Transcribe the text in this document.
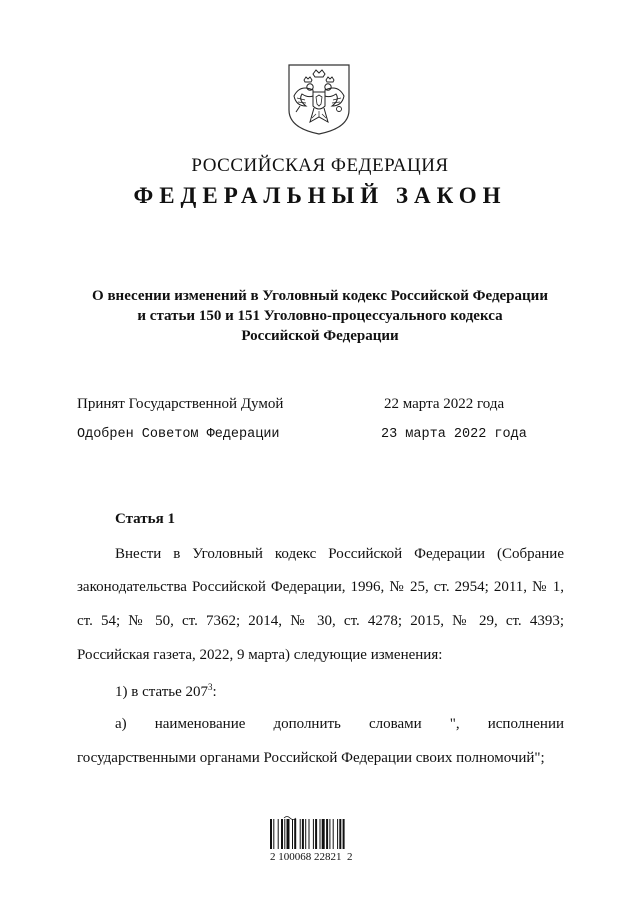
РОССИЙСКАЯ ФЕДЕРАЦИЯ
ФЕДЕРАЛЬНЫЙ ЗАКОН
О внесении изменений в Уголовный кодекс Российской Федерации
и статьи 150 и 151 Уголовно-процессуального кодекса
Российской Федерации
Принят Государственной Думой	22 марта 2022 года
Одобрен Советом Федерации	23 марта 2022 года
Статья 1
Внести в Уголовный кодекс Российской Федерации (Собрание
законодательства Российской Федерации, 1996, № 25, ст. 2954; 2011, № 1,
ст. 54; № 50, ст. 7362; 2014, № 30, ст. 4278; 2015, № 29, ст. 4393;
Российская газета, 2022, 9 марта) следующие изменения:
1) в статье $207^3$:
а) наименование дополнить словами ", исполнении
государственными органами Российской Федерации своих полномочий";
2 100068 22821  2
